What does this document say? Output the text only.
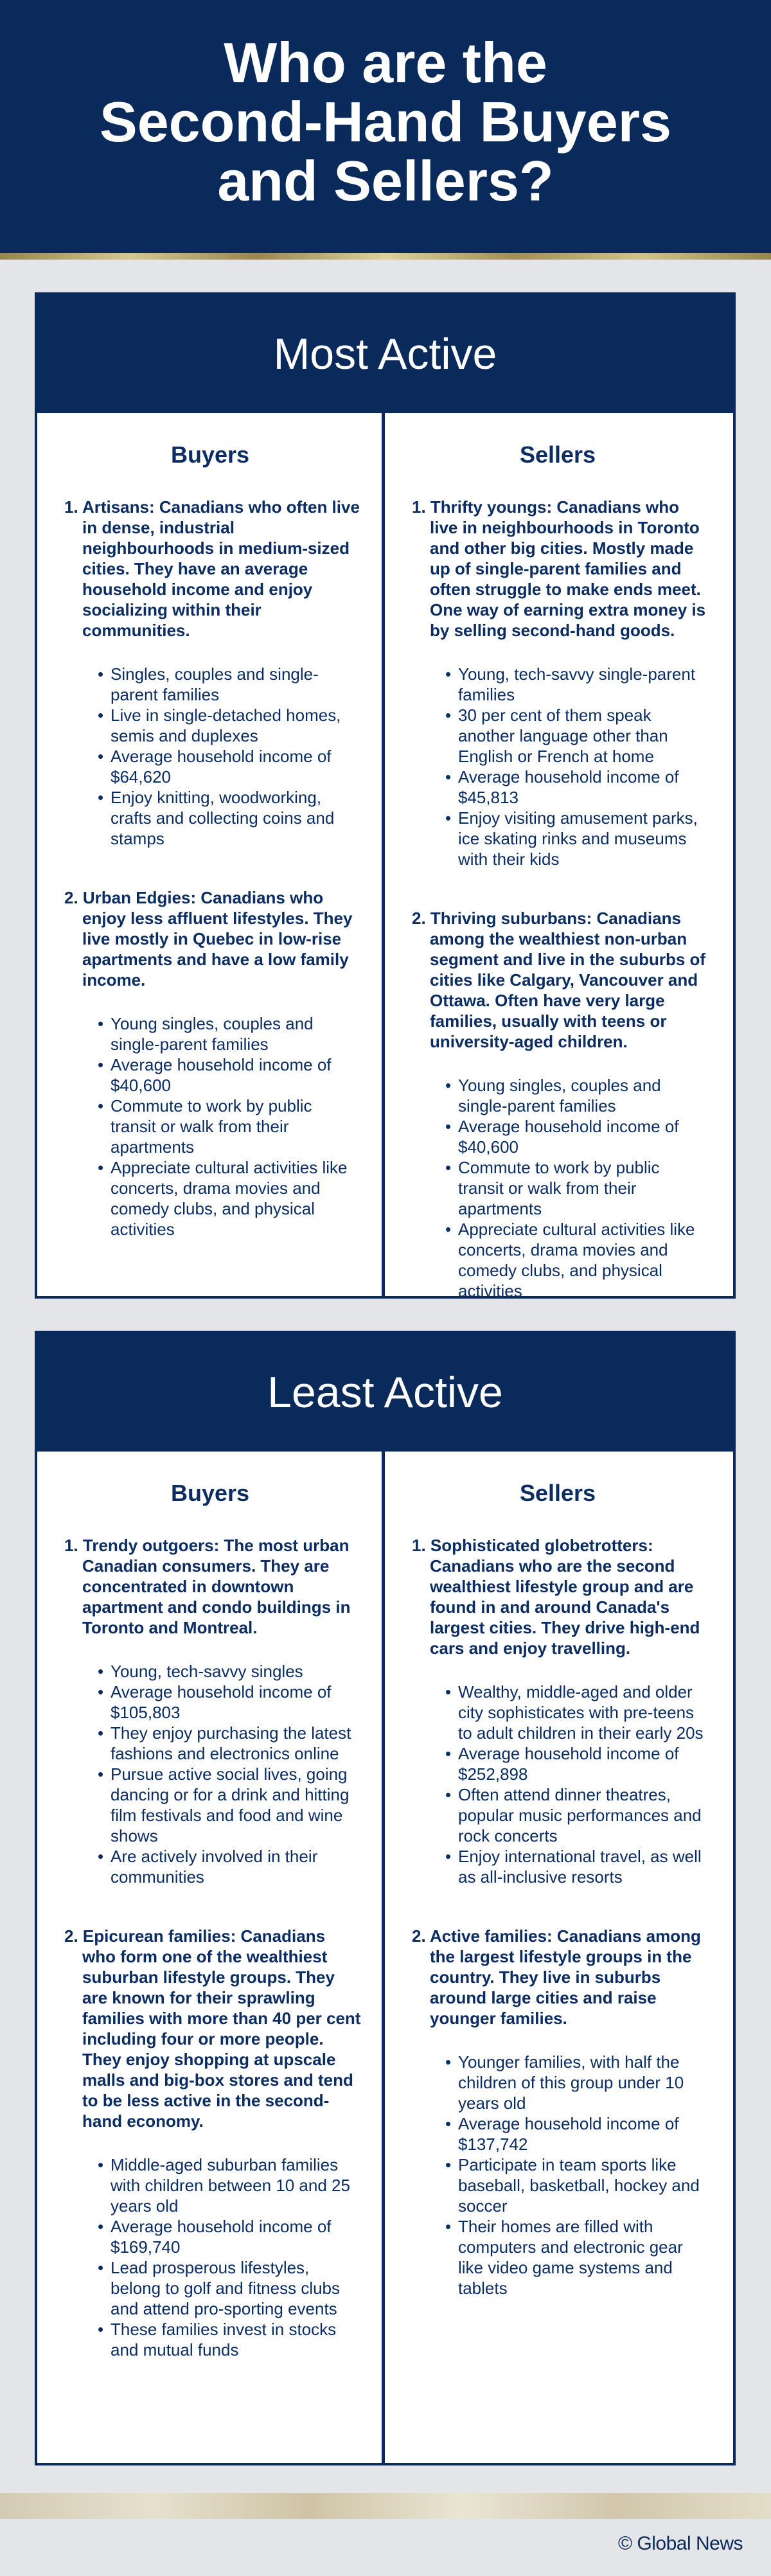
Who are the
Second-Hand Buyers
and Sellers?
Most Active
Buyers

1. Artisans: Canadians who often live in dense, industrial neighbourhoods in medium-sized cities. They have an average household income and enjoy socializing within their communities.

• Singles, couples and single-parent families
• Live in single-detached homes, semis and duplexes
• Average household income of $64,620
• Enjoy knitting, woodworking, crafts and collecting coins and stamps

2. Urban Edgies: Canadians who enjoy less affluent lifestyles. They live mostly in Quebec in low-rise apartments and have a low family income.

• Young singles, couples and single-parent families
• Average household income of $40,600
• Commute to work by public transit or walk from their apartments
• Appreciate cultural activities like concerts, drama movies and comedy clubs, and physical activities
Sellers

1. Thrifty youngs: Canadians who live in neighbourhoods in Toronto and other big cities. Mostly made up of single-parent families and often struggle to make ends meet. One way of earning extra money is by selling second-hand goods.

• Young, tech-savvy single-parent families
• 30 per cent of them speak another language other than English or French at home
• Average household income of $45,813
• Enjoy visiting amusement parks, ice skating rinks and museums with their kids

2. Thriving suburbans: Canadians among the wealthiest non-urban segment and live in the suburbs of cities like Calgary, Vancouver and Ottawa. Often have very large families, usually with teens or university-aged children.

• Young singles, couples and single-parent families
• Average household income of $40,600
• Commute to work by public transit or walk from their apartments
• Appreciate cultural activities like concerts, drama movies and comedy clubs, and physical activities
Least Active
Buyers

1. Trendy outgoers: The most urban Canadian consumers. They are concentrated in downtown apartment and condo buildings in Toronto and Montreal.

• Young, tech-savvy singles
• Average household income of $105,803
• They enjoy purchasing the latest fashions and electronics online
• Pursue active social lives, going dancing or for a drink and hitting film festivals and food and wine shows
• Are actively involved in their communities

2. Epicurean families: Canadians who form one of the wealthiest suburban lifestyle groups. They are known for their sprawling families with more than 40 per cent including four or more people. They enjoy shopping at upscale malls and big-box stores and tend to be less active in the second-hand economy.

• Middle-aged suburban families with children between 10 and 25 years old
• Average household income of $169,740
• Lead prosperous lifestyles, belong to golf and fitness clubs and attend pro-sporting events
• These families invest in stocks and mutual funds
Sellers

1. Sophisticated globetrotters: Canadians who are the second wealthiest lifestyle group and are found in and around Canada's largest cities. They drive high-end cars and enjoy travelling.

• Wealthy, middle-aged and older city sophisticates with pre-teens to adult children in their early 20s
• Average household income of $252,898
• Often attend dinner theatres, popular music performances and rock concerts
• Enjoy international travel, as well as all-inclusive resorts

2. Active families: Canadians among the largest lifestyle groups in the country. They live in suburbs around large cities and raise younger families.

• Younger families, with half the children of this group under 10 years old
• Average household income of $137,742
• Participate in team sports like baseball, basketball, hockey and soccer
• Their homes are filled with computers and electronic gear like video game systems and tablets
© Global News
